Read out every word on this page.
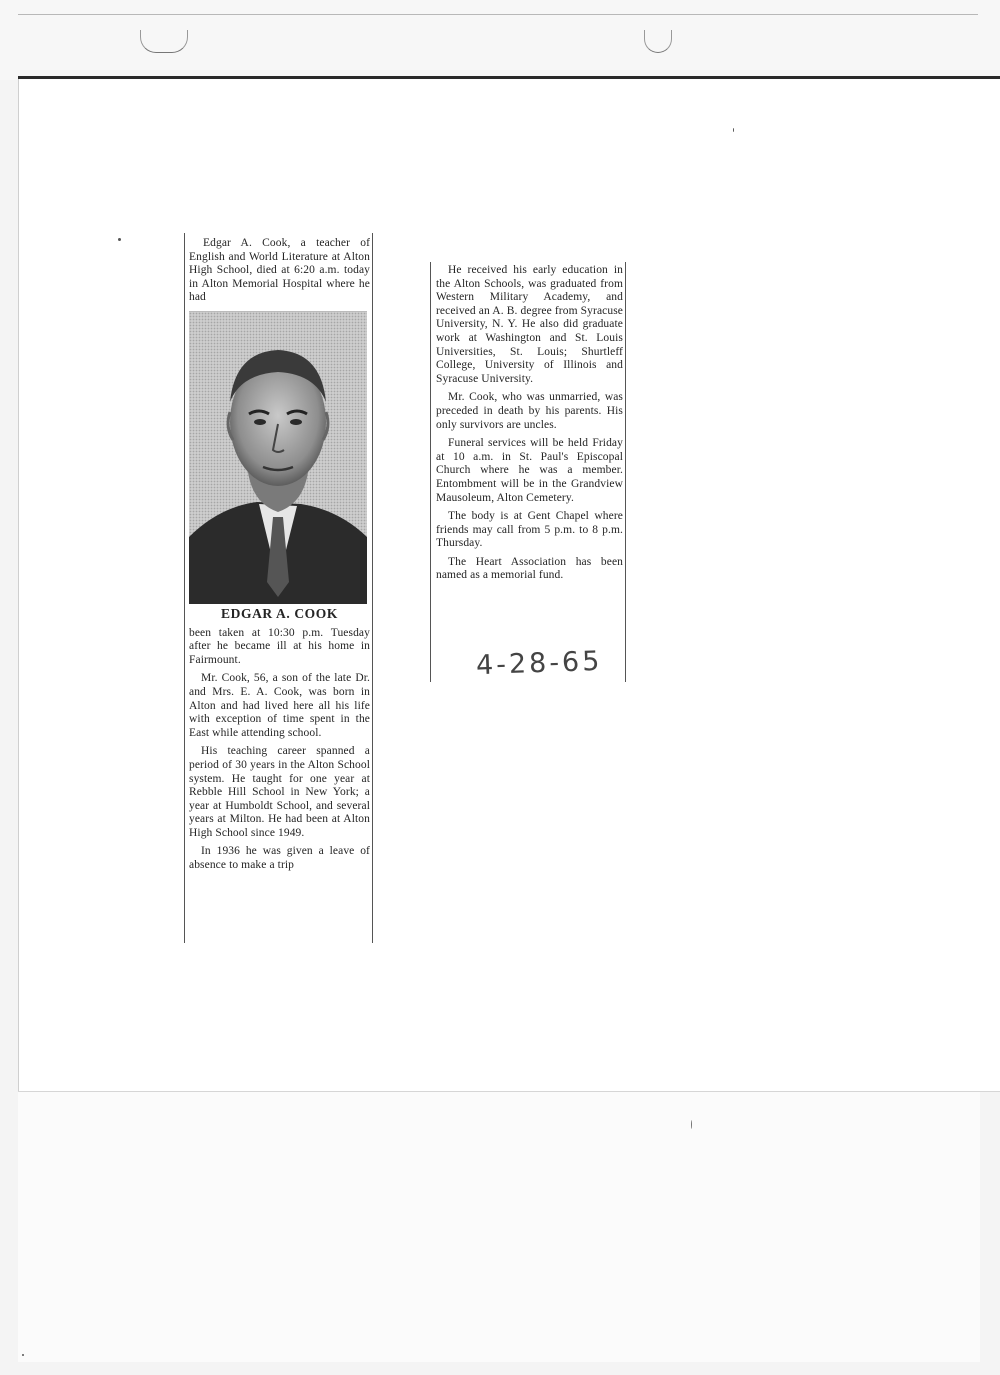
Edgar A. Cook, a teacher of English and World Literature at Alton High School, died at 6:20 a.m. today in Alton Memorial Hospital where he had

EDGAR A. COOK

been taken at 10:30 p.m. Tuesday after he became ill at his home in Fairmount.

Mr. Cook, 56, a son of the late Dr. and Mrs. E. A. Cook, was born in Alton and had lived here all his life with exception of time spent in the East while attending school.

His teaching career spanned a period of 30 years in the Alton School system. He taught for one year at Rebble Hill School in New York; a year at Humboldt School, and several years at Milton. He had been at Alton High School since 1949.

In 1936 he was given a leave of absence to make a trip

He received his early education in the Alton Schools, was graduated from Western Military Academy, and received an A. B. degree from Syracuse University, N. Y. He also did graduate work at Washington and St. Louis Universities, St. Louis; Shurtleff College, University of Illinois and Syracuse University.

Mr. Cook, who was unmarried, was preceded in death by his parents. His only survivors are uncles.

Funeral services will be held Friday at 10 a.m. in St. Paul's Episcopal Church where he was a member. Entombment will be in the Grandview Mausoleum, Alton Cemetery.

The body is at Gent Chapel where friends may call from 5 p.m. to 8 p.m. Thursday.

The Heart Association has been named as a memorial fund.

4-28-65
